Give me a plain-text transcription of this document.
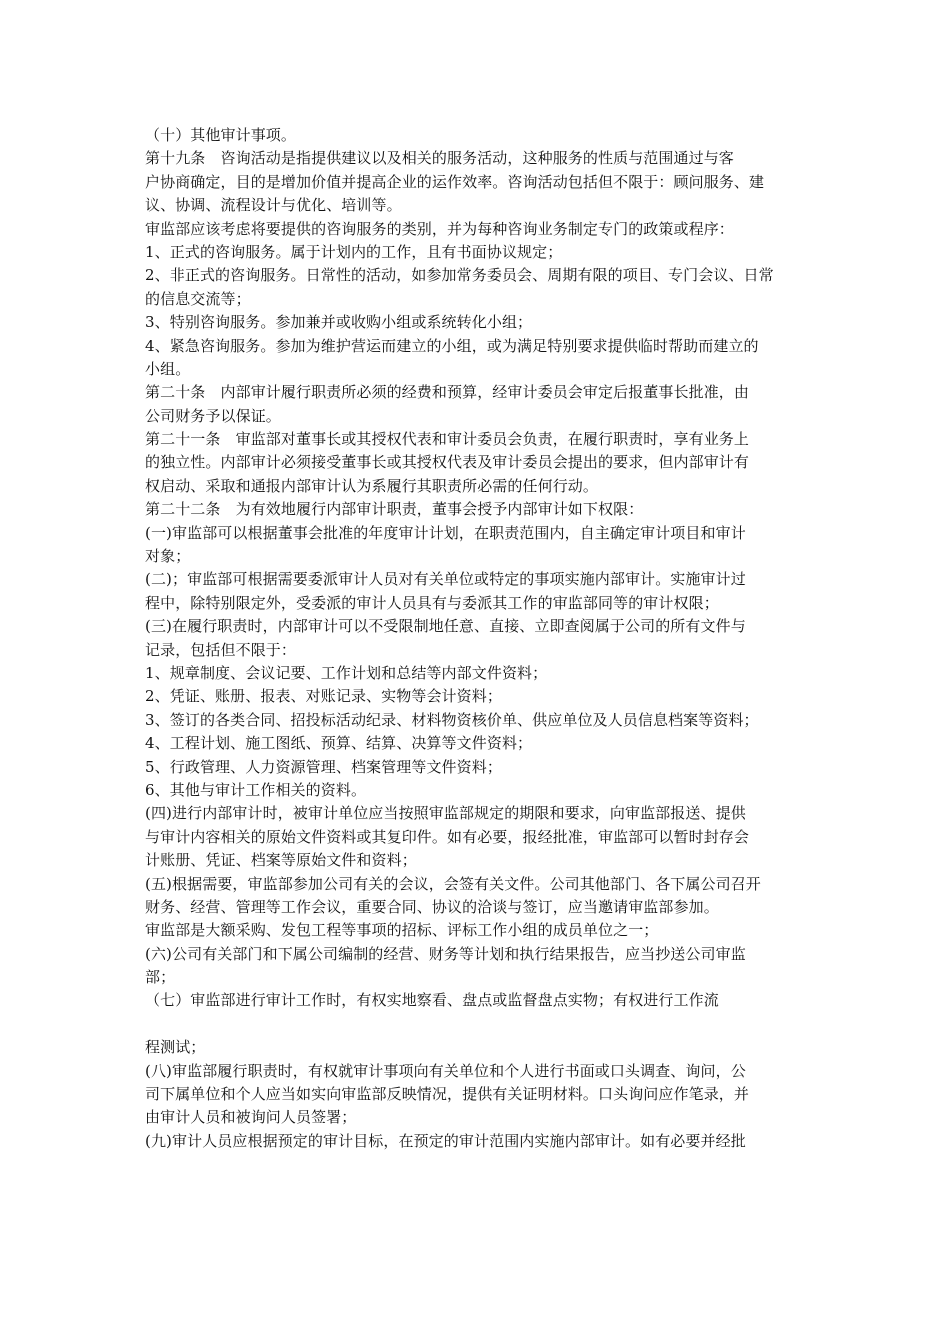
（十）其他审计事项。
第十九条　咨询活动是指提供建议以及相关的服务活动，这种服务的性质与范围通过与客
户协商确定，目的是增加价值并提高企业的运作效率。咨询活动包括但不限于：顾问服务、建
议、协调、流程设计与优化、培训等。
审监部应该考虑将要提供的咨询服务的类别，并为每种咨询业务制定专门的政策或程序：
1、正式的咨询服务。属于计划内的工作，且有书面协议规定；
2、非正式的咨询服务。日常性的活动，如参加常务委员会、周期有限的项目、专门会议、日常
的信息交流等；
3、特别咨询服务。参加兼并或收购小组或系统转化小组；
4、紧急咨询服务。参加为维护营运而建立的小组，或为满足特别要求提供临时帮助而建立的
小组。
第二十条　内部审计履行职责所必须的经费和预算，经审计委员会审定后报董事长批准，由
公司财务予以保证。
第二十一条　审监部对董事长或其授权代表和审计委员会负责，在履行职责时，享有业务上
的独立性。内部审计必须接受董事长或其授权代表及审计委员会提出的要求，但内部审计有
权启动、采取和通报内部审计认为系履行其职责所必需的任何行动。
第二十二条　为有效地履行内部审计职责，董事会授予内部审计如下权限：
(一)审监部可以根据董事会批准的年度审计计划，在职责范围内，自主确定审计项目和审计
对象；
(二)；审监部可根据需要委派审计人员对有关单位或特定的事项实施内部审计。实施审计过
程中，除特别限定外，受委派的审计人员具有与委派其工作的审监部同等的审计权限；
(三)在履行职责时，内部审计可以不受限制地任意、直接、立即查阅属于公司的所有文件与
记录，包括但不限于：
1、规章制度、会议记要、工作计划和总结等内部文件资料；
2、凭证、账册、报表、对账记录、实物等会计资料；
3、签订的各类合同、招投标活动纪录、材料物资核价单、供应单位及人员信息档案等资料；
4、工程计划、施工图纸、预算、结算、决算等文件资料；
5、行政管理、人力资源管理、档案管理等文件资料；
6、其他与审计工作相关的资料。
(四)进行内部审计时，被审计单位应当按照审监部规定的期限和要求，向审监部报送、提供
与审计内容相关的原始文件资料或其复印件。如有必要，报经批准，审监部可以暂时封存会
计账册、凭证、档案等原始文件和资料；
(五)根据需要，审监部参加公司有关的会议，会签有关文件。公司其他部门、各下属公司召开
财务、经营、管理等工作会议，重要合同、协议的洽谈与签订，应当邀请审监部参加。
审监部是大额采购、发包工程等事项的招标、评标工作小组的成员单位之一；
(六)公司有关部门和下属公司编制的经营、财务等计划和执行结果报告，应当抄送公司审监
部；
（七）审监部进行审计工作时，有权实地察看、盘点或监督盘点实物；有权进行工作流
程测试；
(八)审监部履行职责时，有权就审计事项向有关单位和个人进行书面或口头调查、询问，公
司下属单位和个人应当如实向审监部反映情况，提供有关证明材料。口头询问应作笔录，并
由审计人员和被询问人员签署；
(九)审计人员应根据预定的审计目标，在预定的审计范围内实施内部审计。如有必要并经批
